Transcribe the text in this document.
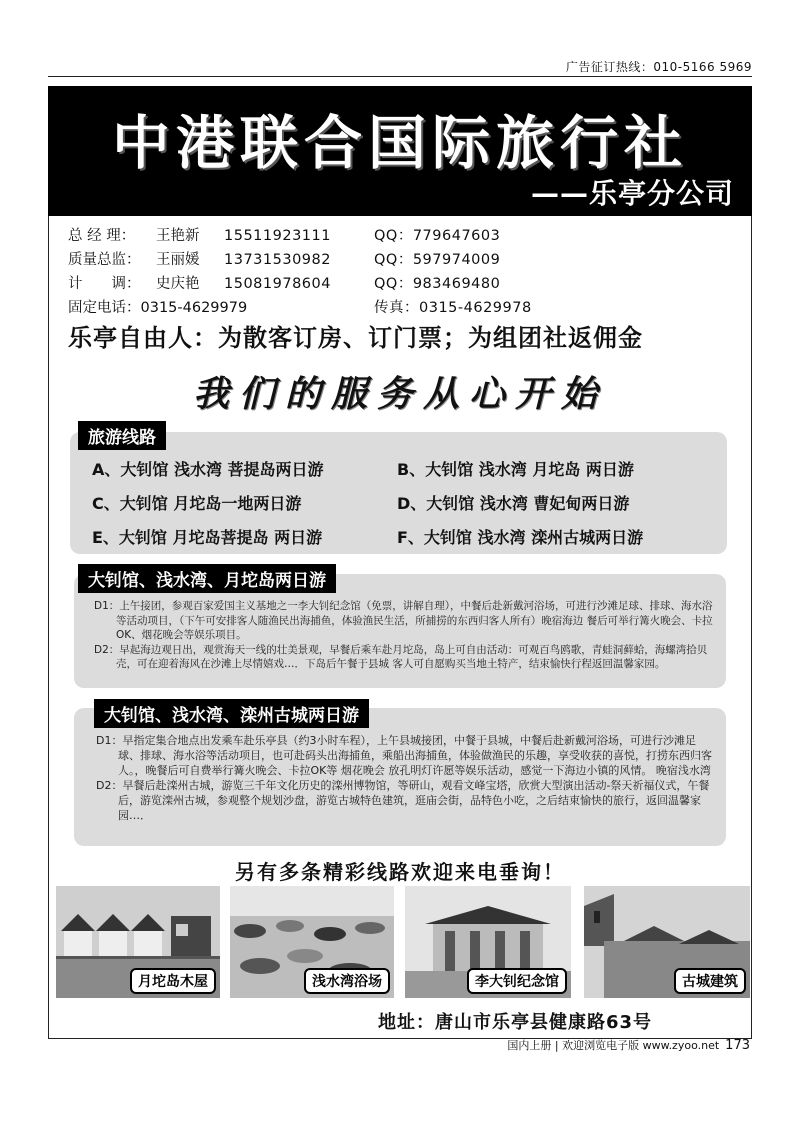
广告征订热线：010-5166 5969
中港联合国际旅行社
——乐亭分公司
总 经 理： 王艳新 15511923111	QQ：779647603
质量总监： 王丽媛 13731530982	QQ：597974009
计　　调： 史庆艳 15081978604	QQ：983469480
固定电话：0315-4629979	传真：0315-4629978
乐亭自由人：为散客订房、订门票；为组团社返佣金
我们的服务从心开始
旅游线路
A、大钊馆 浅水湾 菩提岛两日游	B、大钊馆 浅水湾 月坨岛 两日游
C、大钊馆 月坨岛一地两日游	D、大钊馆 浅水湾 曹妃甸两日游
E、大钊馆 月坨岛菩提岛 两日游	F、大钊馆 浅水湾 滦州古城两日游
大钊馆、浅水湾、月坨岛两日游

D1：上午接团，参观百家爱国主义基地之一李大钊纪念馆（免票，讲解自理），中餐后赴新戴河浴场，可进行沙滩足球、排球、海水浴等活动项目，（下午可安排客人随渔民出海捕鱼，体验渔民生活，所捕捞的东西归客人所有）晚宿海边 餐后可举行篝火晚会、卡拉OK、烟花晚会等娱乐项目。

D2：早起海边观日出，观赏海天一线的壮美景观，早餐后乘车赴月坨岛，岛上可自由活动：可观百鸟鸥歌，青蛙洞藓蛤，海螺湾拾贝壳，可在迎着海风在沙滩上尽情嬉戏…．下岛后午餐于县城 客人可自愿购买当地土特产，结束愉快行程返回温馨家园。

大钊馆、浅水湾、滦州古城两日游

D1：早指定集合地点出发乘车赴乐亭县（约3小时车程），上午县城接团，中餐于县城，中餐后赴新戴河浴场，可进行沙滩足球、排球、海水浴等活动项目，也可赴码头出海捕鱼，乘船出海捕鱼，体验做渔民的乐趣，享受收获的喜悦，打捞东西归客人。，晚餐后可自费举行篝火晚会、卡拉OK等 烟花晚会 放孔明灯许愿等娱乐活动，感觉一下海边小镇的风情。 晚宿浅水湾

D2：早餐后赴滦州古城，游览三千年文化历史的滦州博物馆，等研山，观看文峰宝塔，欣赏大型演出活动-祭天祈福仪式，午餐后，游览滦州古城，参观整个规划沙盘，游览古城特色建筑，逛庙会街，品特色小吃，之后结束愉快的旅行，返回温馨家园…．

另有多条精彩线路欢迎来电垂询！
月坨岛木屋	浅水湾浴场	李大钊纪念馆	古城建筑
地址：唐山市乐亭县健康路63号
国内上册 | 欢迎浏览电子版 www.zyoo.net 173
